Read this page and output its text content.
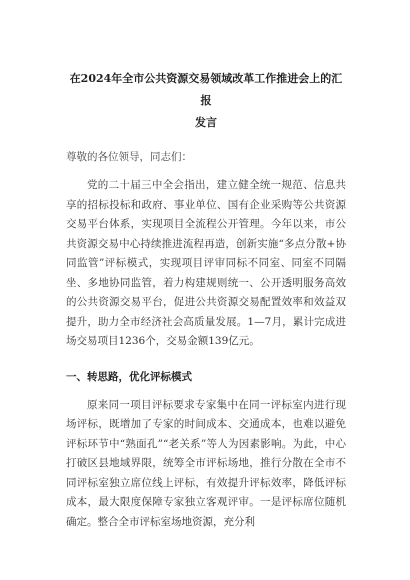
在2024年全市公共资源交易领域改革工作推进会上的汇报
发言

尊敬的各位领导，同志们：

党的二十届三中全会指出，建立健全统一规范、信息共享的招标投标和政府、事业单位、国有企业采购等公共资源交易平台体系，实现项目全流程公开管理。今年以来，市公共资源交易中心持续推进流程再造，创新实施“多点分散+协同监管”评标模式，实现项目评审同标不同室、同室不同隔坐、多地协同监管，着力构建规则统一、公开透明服务高效的公共资源交易平台，促进公共资源交易配置效率和效益双提升，助力全市经济社会高质量发展。1—7月，累计完成进场交易项目1236个，交易金额139亿元。

一、转思路，优化评标模式

原来同一项目评标要求专家集中在同一评标室内进行现场评标，既增加了专家的时间成本、交通成本，也难以避免评标环节中“熟面孔”“老关系”等人为因素影响。为此，中心打破区县地域界限，统筹全市评标场地，推行分散在全市不同评标室独立席位线上评标，有效提升评标效率，降低评标成本，最大限度保障专家独立客观评审。一是评标席位随机确定。整合全市评标室场地资源，充分利
